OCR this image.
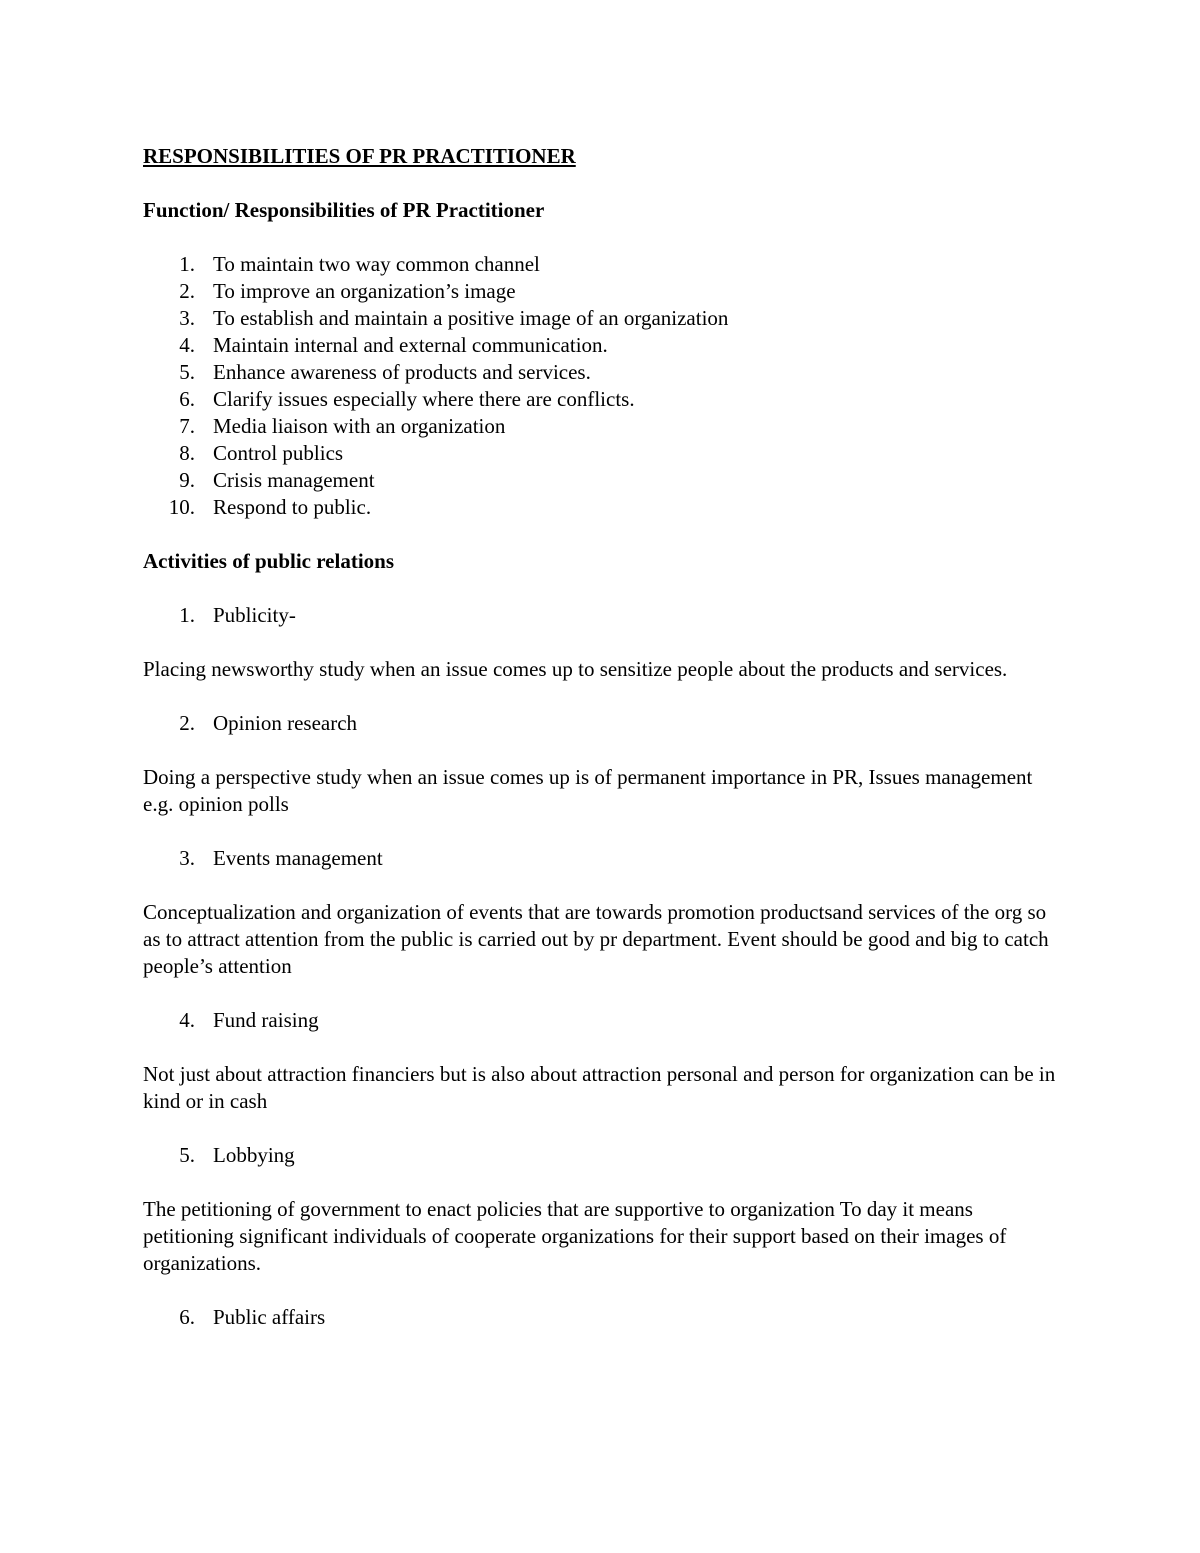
RESPONSIBILITIES OF PR PRACTITIONER

Function/ Responsibilities of PR Practitioner

1. To maintain two way common channel
2. To improve an organization’s image
3. To establish and maintain a positive image of an organization
4. Maintain internal and external communication.
5. Enhance awareness of products and services.
6. Clarify issues especially where there are conflicts.
7. Media liaison with an organization
8. Control publics
9. Crisis management
10. Respond to public.

Activities of public relations

1. Publicity-

Placing newsworthy study when an issue comes up to sensitize people about the products and services.

2. Opinion research

Doing a perspective study when an issue comes up is of permanent importance in PR, Issues management e.g. opinion polls

3. Events management

Conceptualization and organization of events that are towards promotion productsand services of the org so as to attract attention from the public is carried out by pr department. Event should be good and big to catch people’s attention

4. Fund raising

Not just about attraction financiers but is also about attraction personal and person for organization can be in kind or in cash

5. Lobbying

The petitioning of government to enact policies that are supportive to organization To day it means petitioning significant individuals of cooperate organizations for their support based on their images of organizations.

6. Public affairs
